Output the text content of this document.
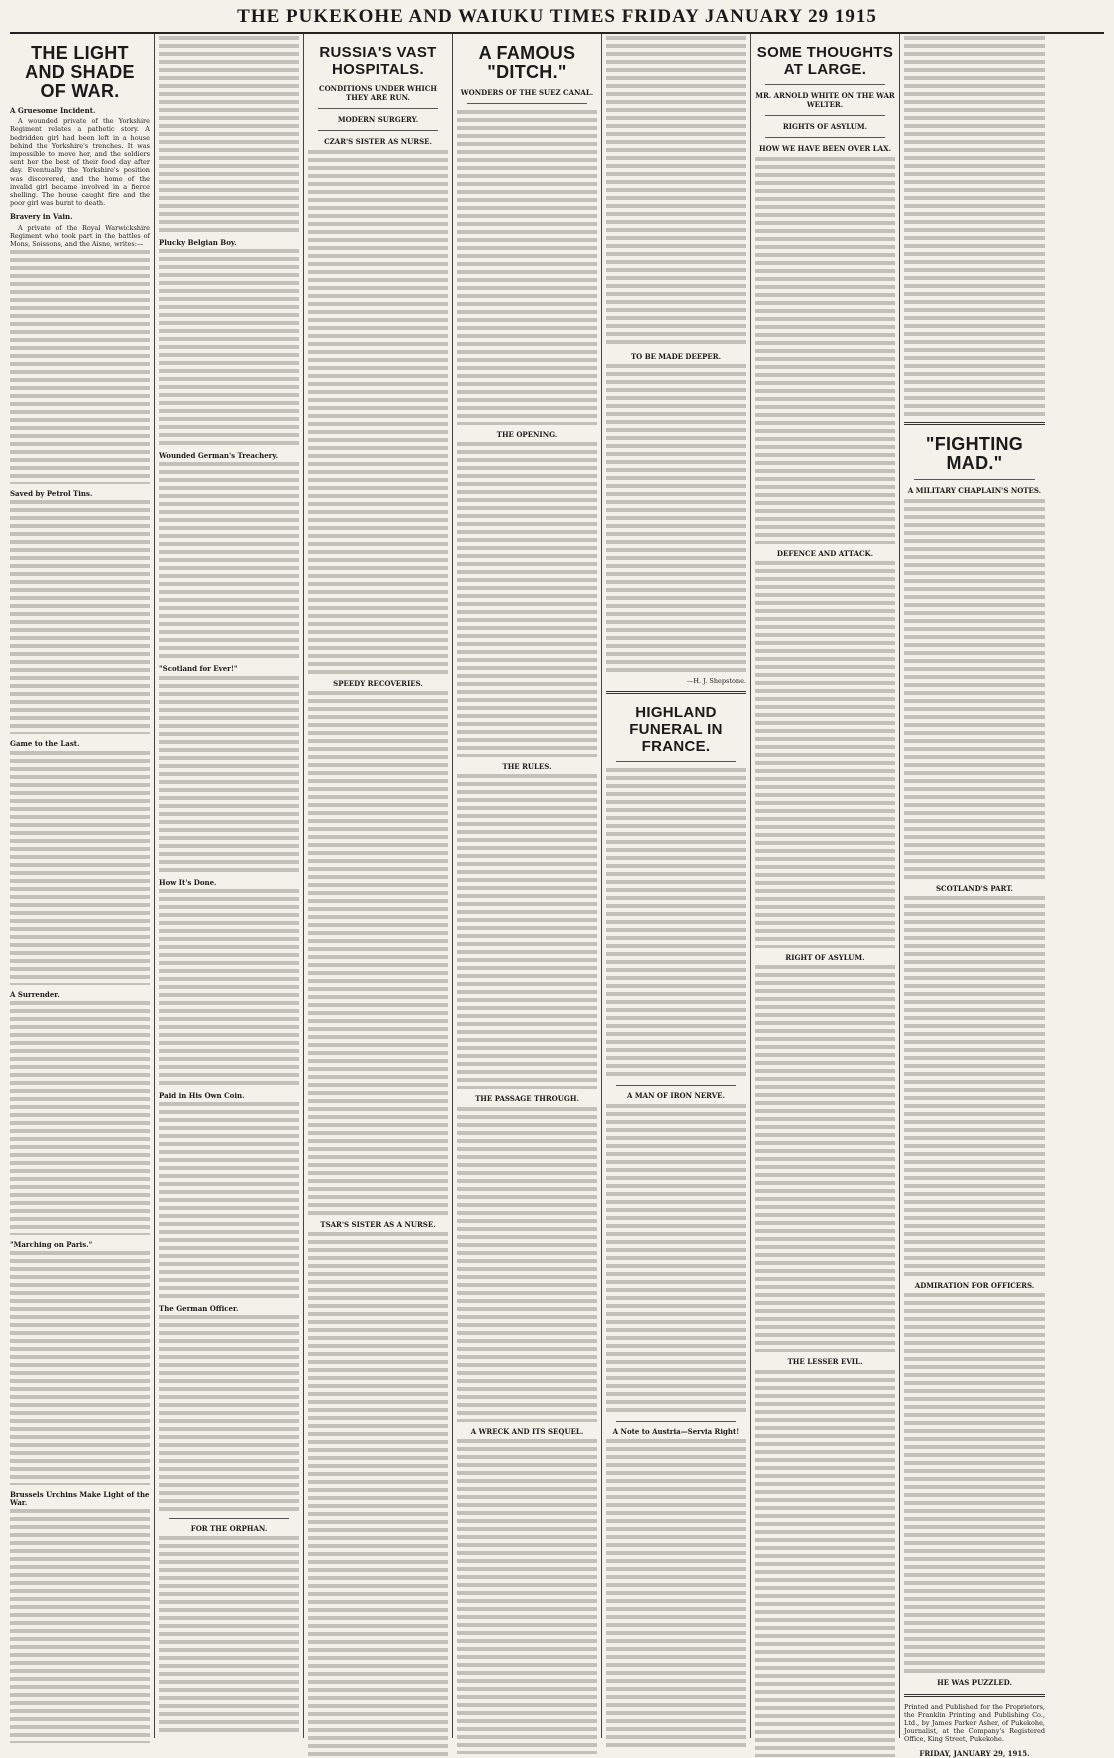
THE PUKEKOHE AND WAIUKU TIMES FRIDAY JANUARY 29 1915
THE LIGHT AND SHADE OF WAR.
A Gruesome Incident.

A wounded private of the Yorkshire Regiment relates a pathetic story. A bedridden girl had been left in a house behind the Yorkshire's trenches. It was impossible to move her, and the soldiers sent her the best of their food day after day. Eventually the Yorkshire's position was discovered, and the home of the invalid girl became involved in a fierce shelling. The house caught fire and the poor girl was burnt to death.

Bravery in Vain.

A private of the Royal Warwickshire Regiment who took part in the battles of Mons, Soissons, and the Aisne, writes:—

Saved by Petrol Tins.

Game to the Last.

A Surrender.

"Marching on Paris."

Brussels Urchins Make Light of the War.

Plucky Belgian Boy.

Wounded German's Treachery.

"Scotland for Ever!"

How It's Done.

Paid in His Own Coin.

The German Officer.

FOR THE ORPHAN.

RUSSIA'S VAST HOSPITALS.
CONDITIONS UNDER WHICH THEY ARE RUN.
MODERN SURGERY.
CZAR'S SISTER AS NURSE.

SPEEDY RECOVERIES.

TSAR'S SISTER AS A NURSE.

A FAMOUS "DITCH."
WONDERS OF THE SUEZ CANAL.

THE OPENING.

THE RULES.

THE PASSAGE THROUGH.

A WRECK AND ITS SEQUEL.

TO BE MADE DEEPER.

—H. J. Shepstone.
HIGHLAND FUNERAL IN FRANCE.

A MAN OF IRON NERVE.

A Note to Austria—Servia Right!

SOME THOUGHTS AT LARGE.
MR. ARNOLD WHITE ON THE WAR WELTER.
RIGHTS OF ASYLUM.
HOW WE HAVE BEEN OVER LAX.

DEFENCE AND ATTACK.

RIGHT OF ASYLUM.

THE LESSER EVIL.

"FIGHTING MAD."
A MILITARY CHAPLAIN'S NOTES.

SCOTLAND'S PART.

ADMIRATION FOR OFFICERS.

HE WAS PUZZLED.
Printed and Published for the Proprietors, the Franklin Printing and Publishing Co., Ltd., by James Parker Asher, of Pukekohe, Journalist, at the Company's Registered Office, King Street, Pukekohe.
FRIDAY, JANUARY 29, 1915.
